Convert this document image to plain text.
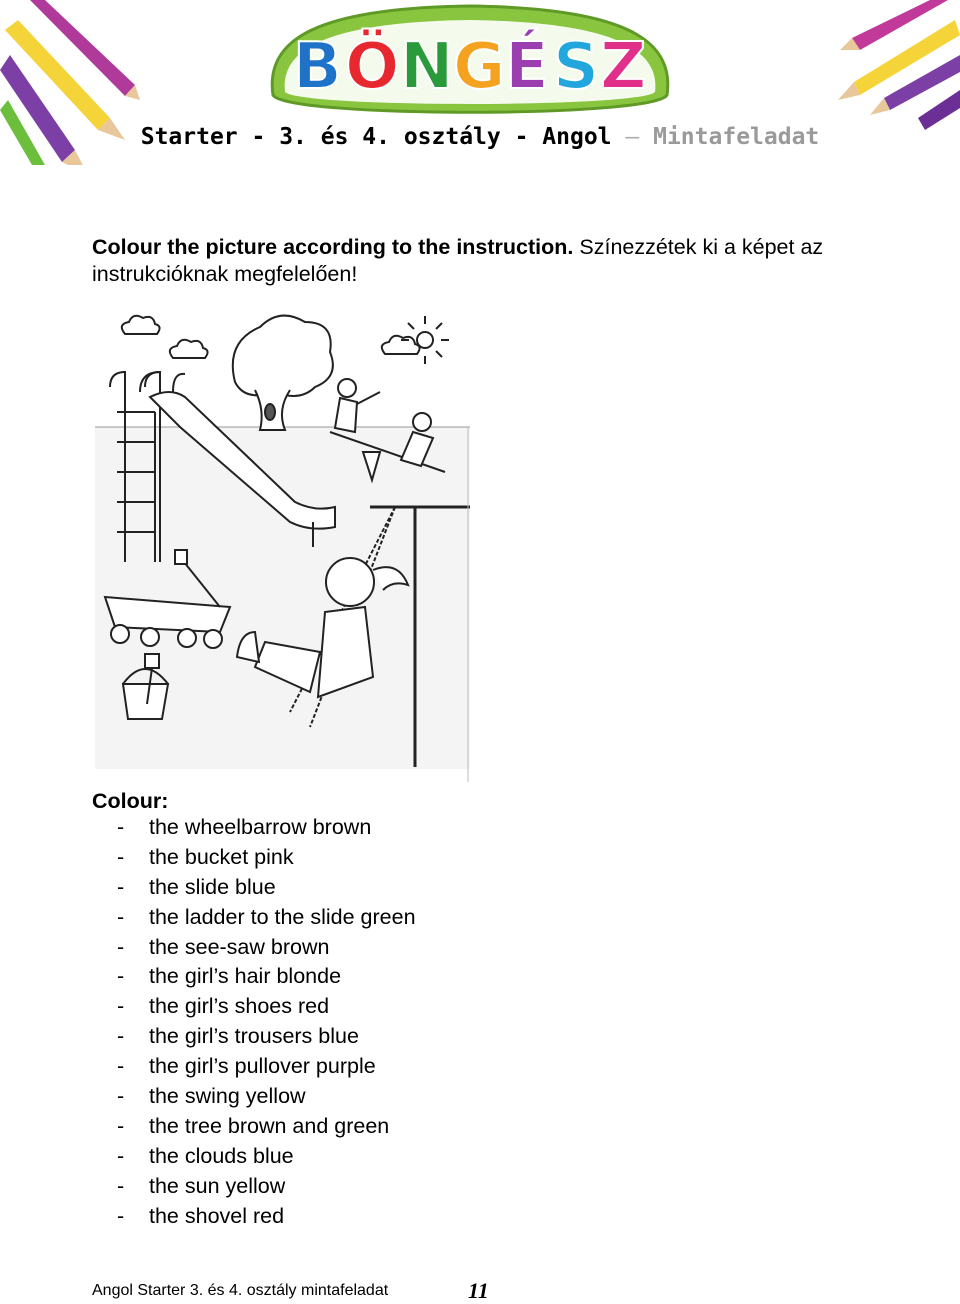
B Ö N G É S Z
Starter - 3. és 4. osztály - Angol – Mintafeladat
Colour the picture according to the instruction. Színezzétek ki a képet az instrukcióknak megfelelően!
Colour:
-	the wheelbarrow brown
-	the bucket pink
-	the slide blue
-	the ladder to the slide green
-	the see-saw brown
-	the girl’s hair blonde
-	the girl’s shoes red
-	the girl’s trousers blue
-	the girl’s pullover purple
-	the swing yellow
-	the tree brown and green
-	the clouds blue
-	the sun yellow
-	the shovel red
Angol Starter 3. és 4. osztály mintafeladat	11
